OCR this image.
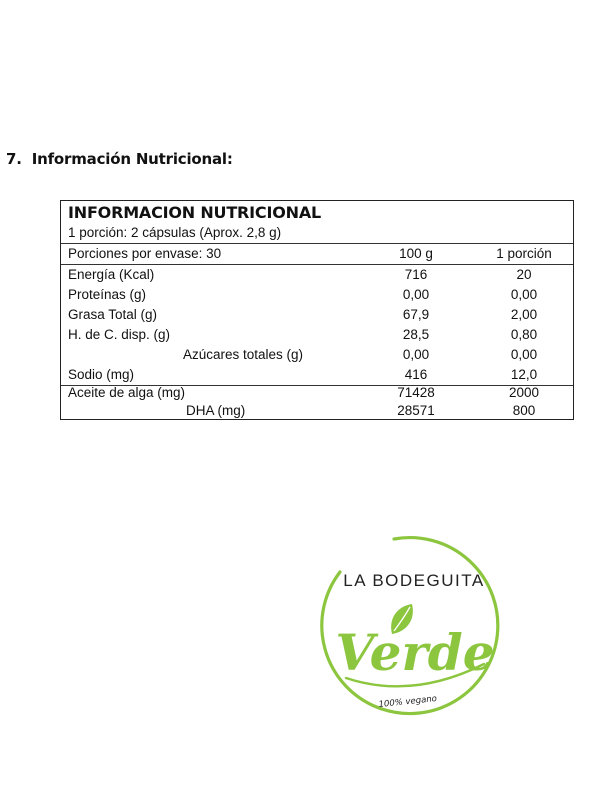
7. Información Nutricional:
INFORMACION NUTRICIONAL
1 porción: 2 cápsulas (Aprox. 2,8 g)
Porciones por envase: 30	100 g	1 porción
Energía (Kcal)	716	20
Proteínas (g)	0,00	0,00
Grasa Total (g)	67,9	2,00
H. de C. disp. (g)	28,5	0,80
Azúcares totales (g)	0,00	0,00
Sodio (mg)	416	12,0
Aceite de alga (mg)	71428	2000
DHA (mg)	28571	800
LA BODEGUITA
Verde
100% vegano
